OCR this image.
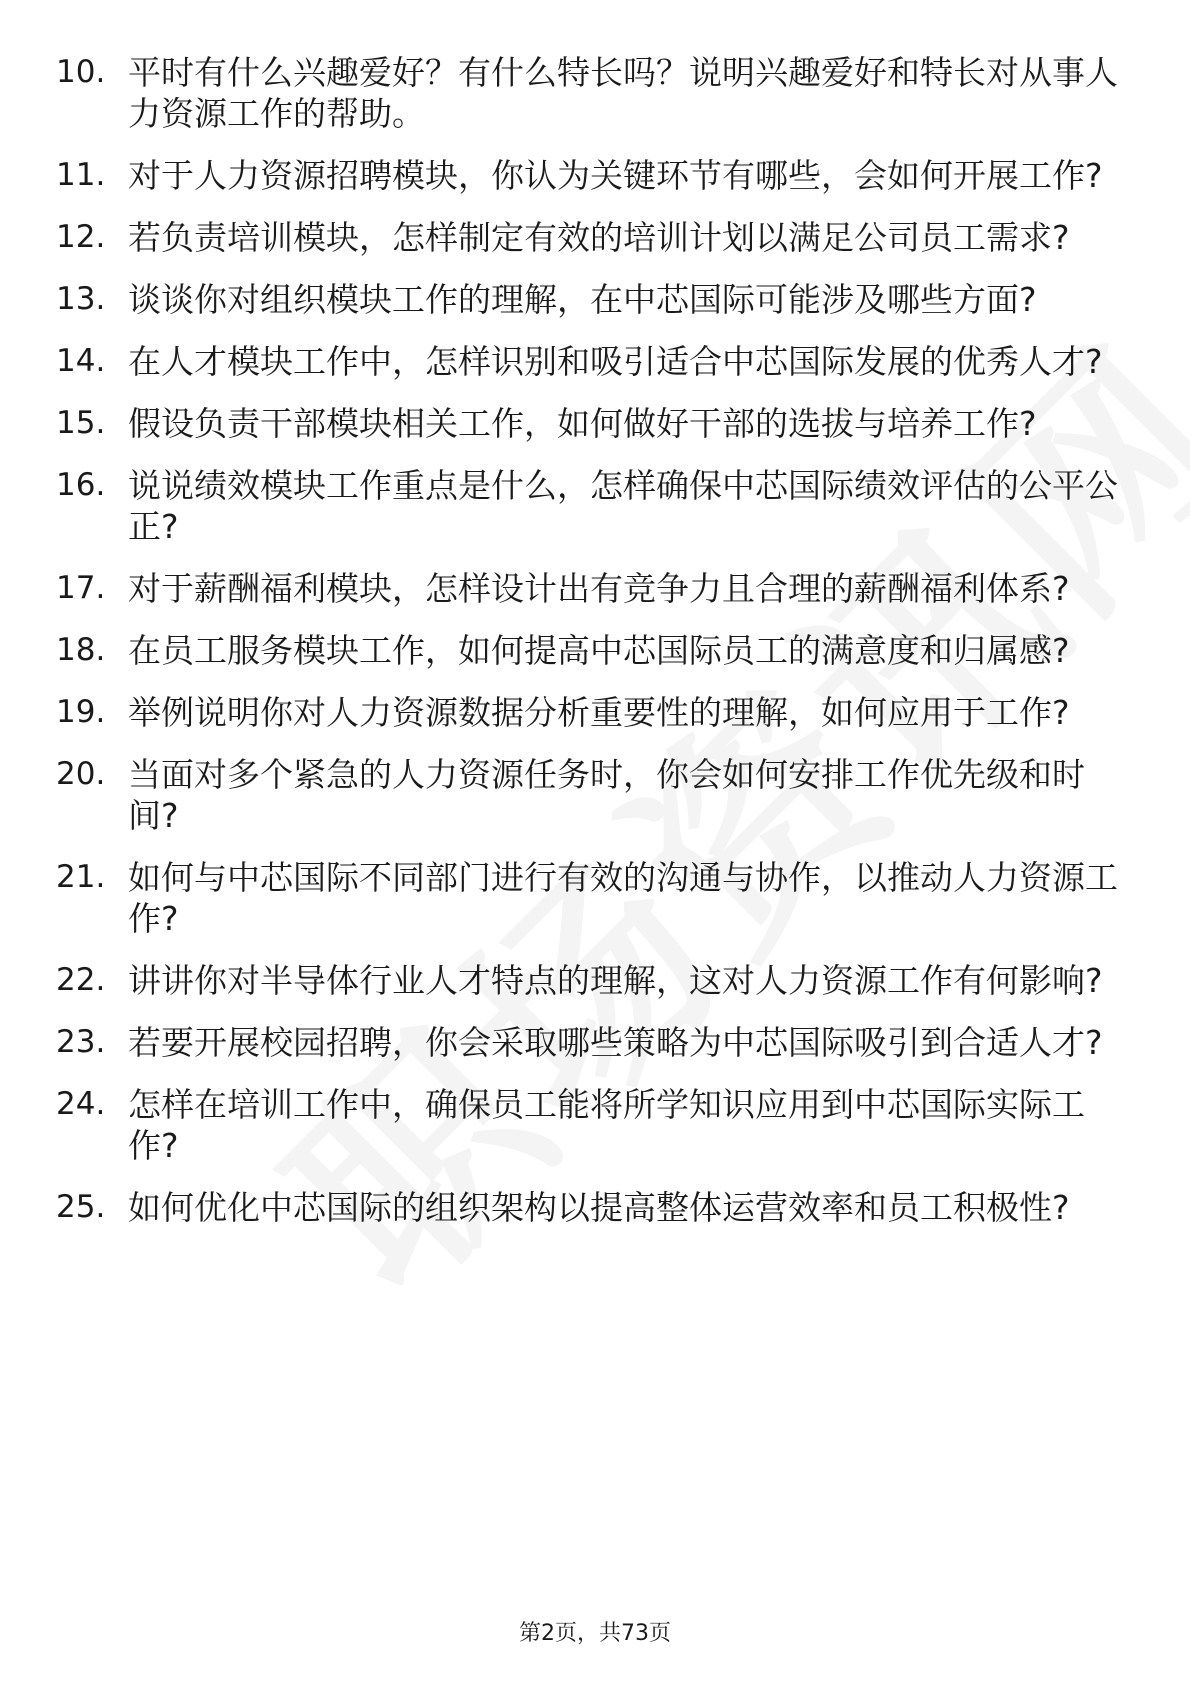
10. 平时有什么兴趣爱好？有什么特长吗？说明兴趣爱好和特长对从事人力资源工作的帮助。
11. 对于人力资源招聘模块，你认为关键环节有哪些，会如何开展工作?
12. 若负责培训模块，怎样制定有效的培训计划以满足公司员工需求?
13. 谈谈你对组织模块工作的理解，在中芯国际可能涉及哪些方面?
14. 在人才模块工作中，怎样识别和吸引适合中芯国际发展的优秀人才?
15. 假设负责干部模块相关工作，如何做好干部的选拔与培养工作?
16. 说说绩效模块工作重点是什么，怎样确保中芯国际绩效评估的公平公正?
17. 对于薪酬福利模块，怎样设计出有竞争力且合理的薪酬福利体系?
18. 在员工服务模块工作，如何提高中芯国际员工的满意度和归属感?
19. 举例说明你对人力资源数据分析重要性的理解，如何应用于工作?
20. 当面对多个紧急的人力资源任务时，你会如何安排工作优先级和时间?
21. 如何与中芯国际不同部门进行有效的沟通与协作，以推动人力资源工作?
22. 讲讲你对半导体行业人才特点的理解，这对人力资源工作有何影响?
23. 若要开展校园招聘，你会采取哪些策略为中芯国际吸引到合适人才?
24. 怎样在培训工作中，确保员工能将所学知识应用到中芯国际实际工作?
25. 如何优化中芯国际的组织架构以提高整体运营效率和员工积极性?
第2页，共73页
